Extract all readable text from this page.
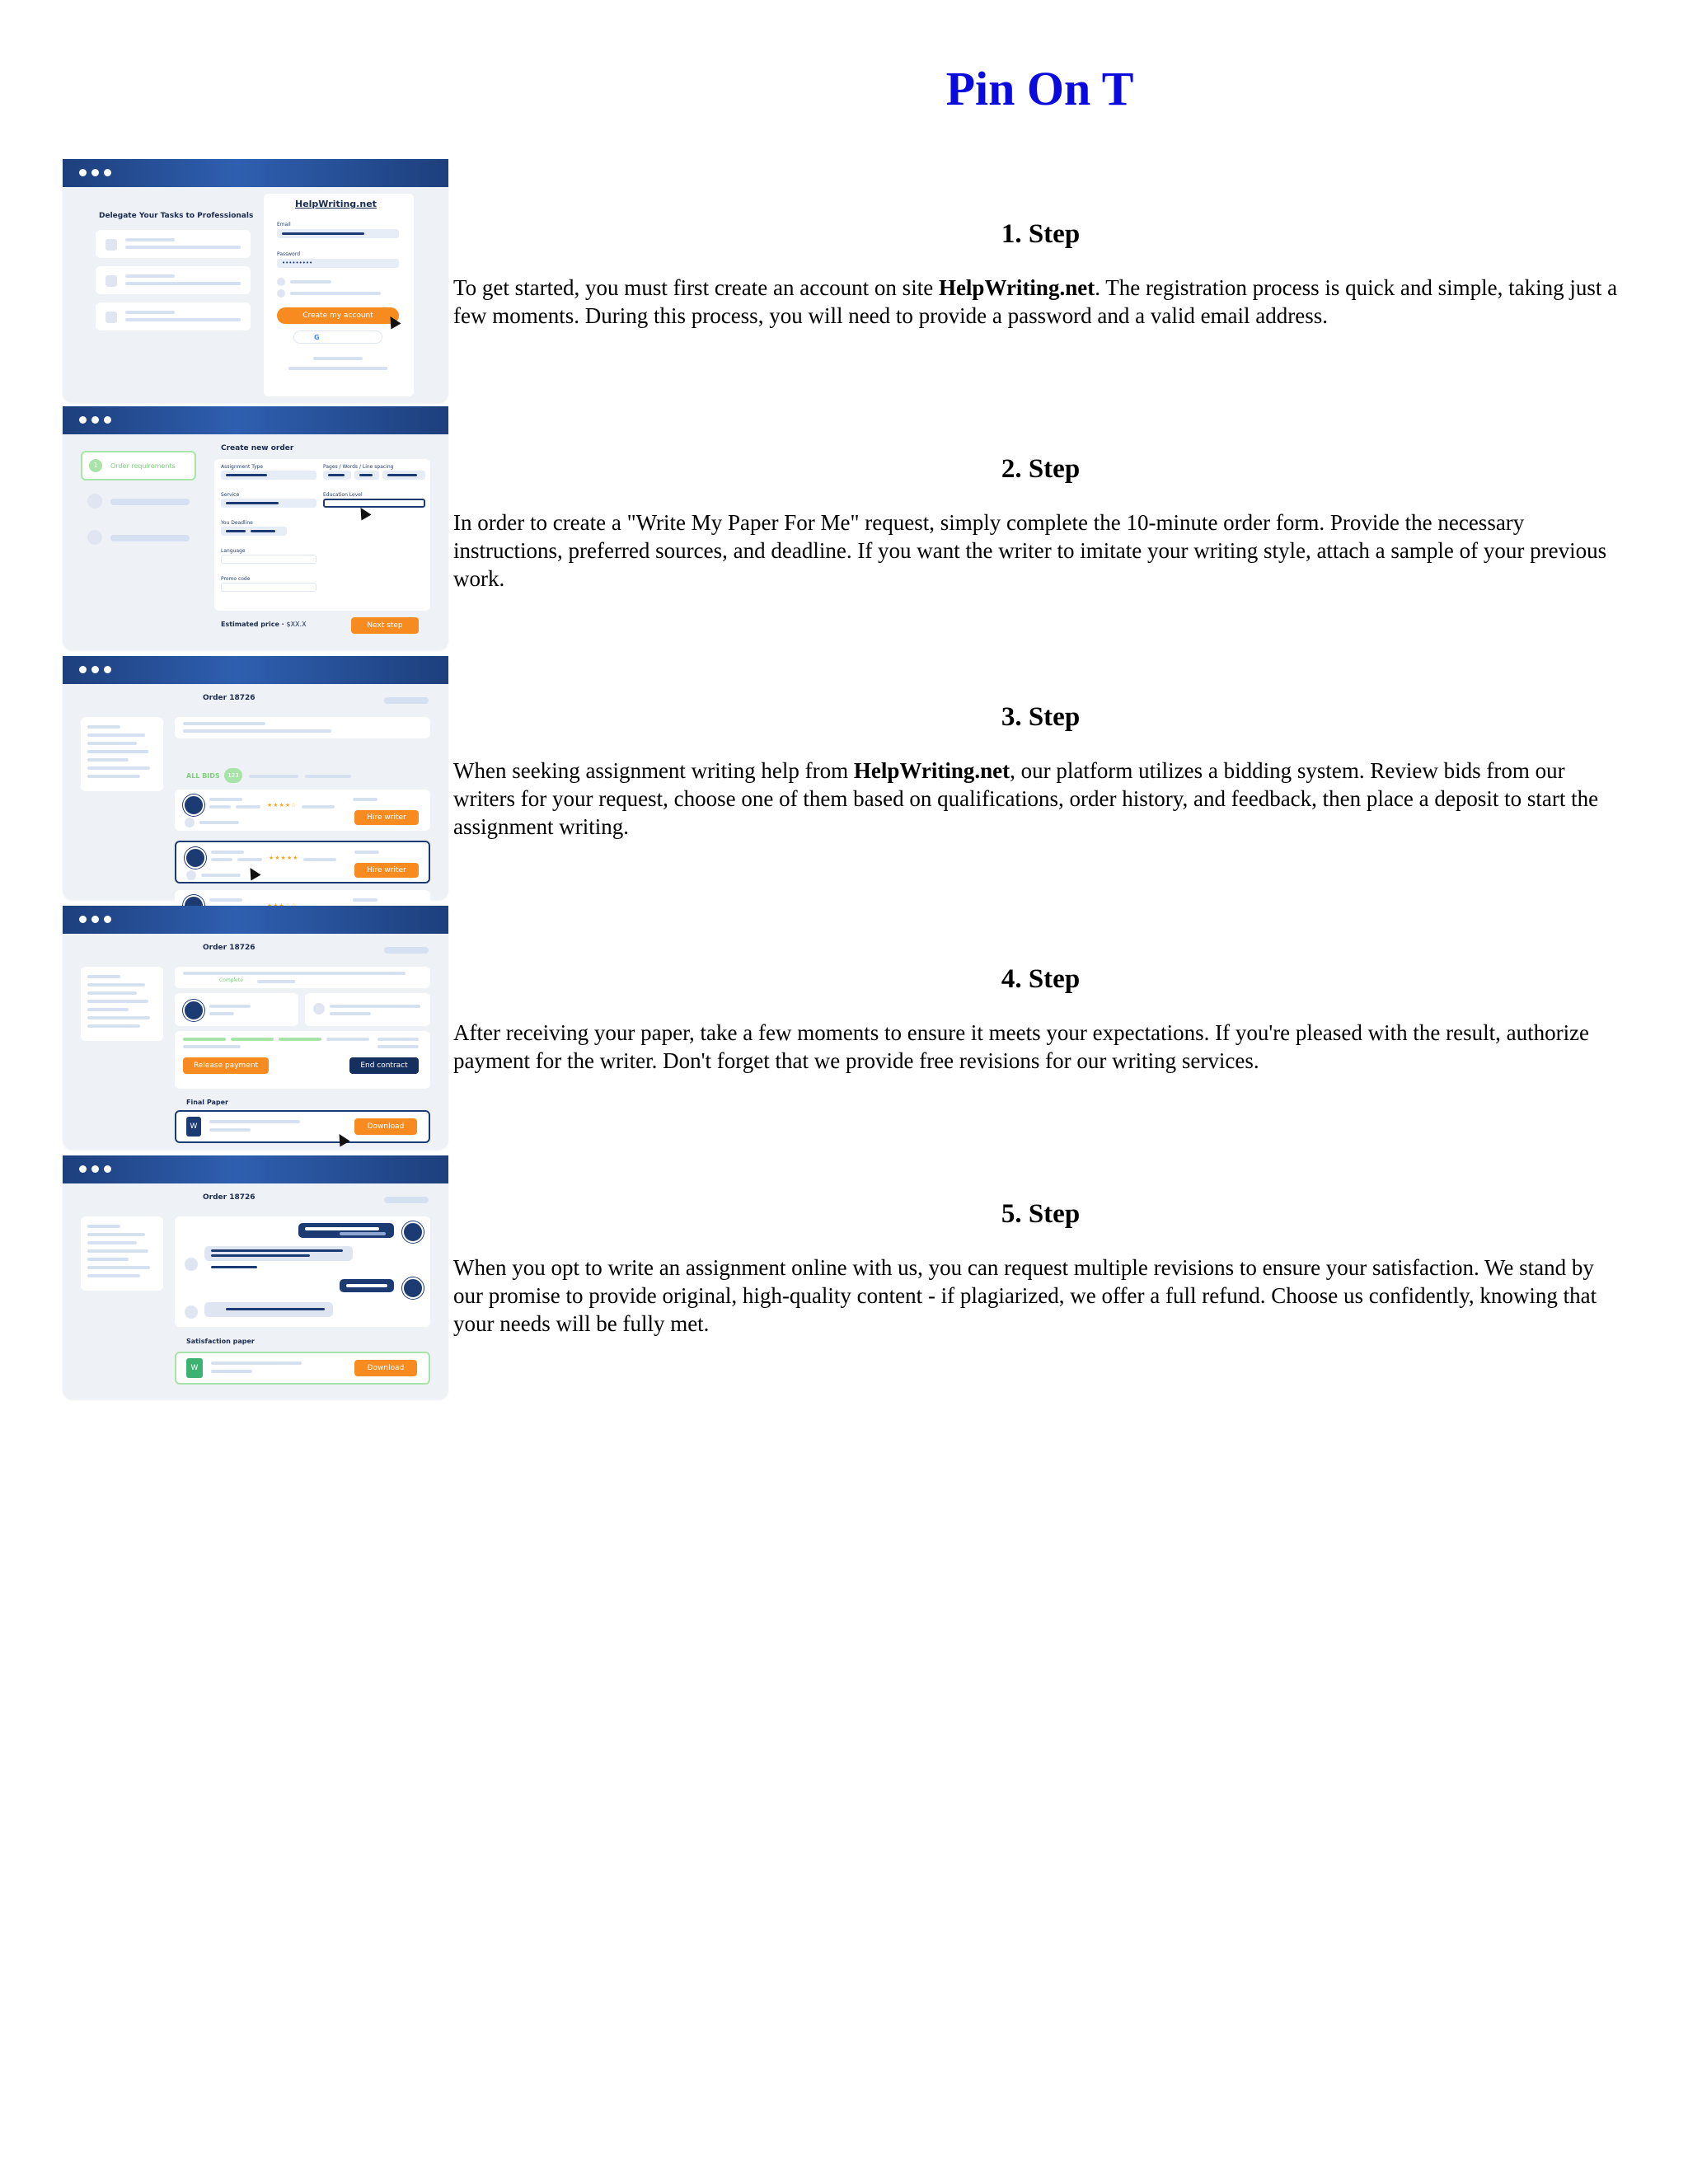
Pin On T
Delegate Your Tasks to Professionals
HelpWriting.net
Email
Password
•••••••••
Create my account
G
1	Order requirements
Create new order
Assignment Type	Pages / Words / Line spacing
Service	Education Level
You Deadline
Language
Promo code
Estimated price · $XX.X	Next step
Order 18726
ALL BIDS	123
★★★★☆
Hire writer
★★★★★
Hire writer
Order 18726
Complete
Release payment	End contract
Final Paper
W	Download
Order 18726
Satisfaction paper
W	Download
1. Step

To get started, you must first create an account on site HelpWriting.net. The registration process is quick and simple, taking just a few moments. During this process, you will need to provide a password and a valid email address.

2. Step

In order to create a "Write My Paper For Me" request, simply complete the 10-minute order form. Provide the necessary instructions, preferred sources, and deadline. If you want the writer to imitate your writing style, attach a sample of your previous work.

3. Step

When seeking assignment writing help from HelpWriting.net, our platform utilizes a bidding system. Review bids from our writers for your request, choose one of them based on qualifications, order history, and feedback, then place a deposit to start the assignment writing.

4. Step

After receiving your paper, take a few moments to ensure it meets your expectations. If you're pleased with the result, authorize payment for the writer. Don't forget that we provide free revisions for our writing services.

5. Step

When you opt to write an assignment online with us, you can request multiple revisions to ensure your satisfaction. We stand by our promise to provide original, high-quality content - if plagiarized, we offer a full refund. Choose us confidently, knowing that your needs will be fully met.
